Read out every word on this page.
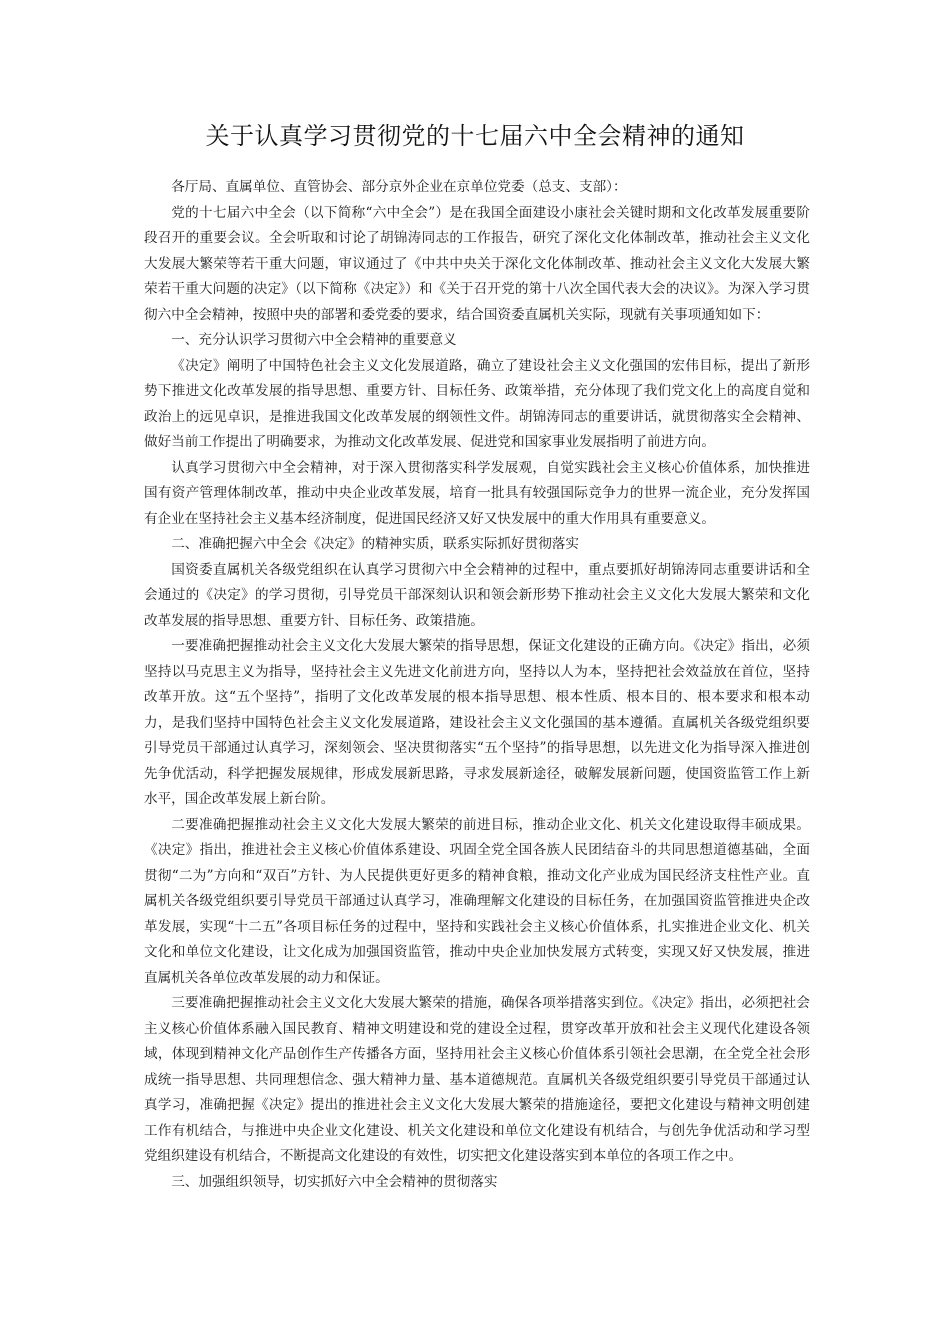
关于认真学习贯彻党的十七届六中全会精神的通知

各厅局、直属单位、直管协会、部分京外企业在京单位党委（总支、支部）：

党的十七届六中全会（以下简称“六中全会”）是在我国全面建设小康社会关键时期和文化改革发展重要阶段召开的重要会议。全会听取和讨论了胡锦涛同志的工作报告，研究了深化文化体制改革，推动社会主义文化大发展大繁荣等若干重大问题，审议通过了《中共中央关于深化文化体制改革、推动社会主义文化大发展大繁荣若干重大问题的决定》（以下简称《决定》）和《关于召开党的第十八次全国代表大会的决议》。为深入学习贯彻六中全会精神，按照中央的部署和委党委的要求，结合国资委直属机关实际，现就有关事项通知如下：

一、充分认识学习贯彻六中全会精神的重要意义

《决定》阐明了中国特色社会主义文化发展道路，确立了建设社会主义文化强国的宏伟目标，提出了新形势下推进文化改革发展的指导思想、重要方针、目标任务、政策举措，充分体现了我们党文化上的高度自觉和政治上的远见卓识，是推进我国文化改革发展的纲领性文件。胡锦涛同志的重要讲话，就贯彻落实全会精神、做好当前工作提出了明确要求，为推动文化改革发展、促进党和国家事业发展指明了前进方向。

认真学习贯彻六中全会精神，对于深入贯彻落实科学发展观，自觉实践社会主义核心价值体系，加快推进国有资产管理体制改革，推动中央企业改革发展，培育一批具有较强国际竞争力的世界一流企业，充分发挥国有企业在坚持社会主义基本经济制度，促进国民经济又好又快发展中的重大作用具有重要意义。

二、准确把握六中全会《决定》的精神实质，联系实际抓好贯彻落实

国资委直属机关各级党组织在认真学习贯彻六中全会精神的过程中，重点要抓好胡锦涛同志重要讲话和全会通过的《决定》的学习贯彻，引导党员干部深刻认识和领会新形势下推动社会主义文化大发展大繁荣和文化改革发展的指导思想、重要方针、目标任务、政策措施。

一要准确把握推动社会主义文化大发展大繁荣的指导思想，保证文化建设的正确方向。《决定》指出，必须坚持以马克思主义为指导，坚持社会主义先进文化前进方向，坚持以人为本，坚持把社会效益放在首位，坚持改革开放。这“五个坚持”，指明了文化改革发展的根本指导思想、根本性质、根本目的、根本要求和根本动力，是我们坚持中国特色社会主义文化发展道路，建设社会主义文化强国的基本遵循。直属机关各级党组织要引导党员干部通过认真学习，深刻领会、坚决贯彻落实“五个坚持”的指导思想，以先进文化为指导深入推进创先争优活动，科学把握发展规律，形成发展新思路，寻求发展新途径，破解发展新问题，使国资监管工作上新水平，国企改革发展上新台阶。

二要准确把握推动社会主义文化大发展大繁荣的前进目标，推动企业文化、机关文化建设取得丰硕成果。《决定》指出，推进社会主义核心价值体系建设、巩固全党全国各族人民团结奋斗的共同思想道德基础，全面贯彻“二为”方向和“双百”方针、为人民提供更好更多的精神食粮，推动文化产业成为国民经济支柱性产业。直属机关各级党组织要引导党员干部通过认真学习，准确理解文化建设的目标任务，在加强国资监管推进央企改革发展，实现“十二五”各项目标任务的过程中，坚持和实践社会主义核心价值体系，扎实推进企业文化、机关文化和单位文化建设，让文化成为加强国资监管，推动中央企业加快发展方式转变，实现又好又快发展，推进直属机关各单位改革发展的动力和保证。

三要准确把握推动社会主义文化大发展大繁荣的措施，确保各项举措落实到位。《决定》指出，必须把社会主义核心价值体系融入国民教育、精神文明建设和党的建设全过程，贯穿改革开放和社会主义现代化建设各领域，体现到精神文化产品创作生产传播各方面，坚持用社会主义核心价值体系引领社会思潮，在全党全社会形成统一指导思想、共同理想信念、强大精神力量、基本道德规范。直属机关各级党组织要引导党员干部通过认真学习，准确把握《决定》提出的推进社会主义文化大发展大繁荣的措施途径，要把文化建设与精神文明创建工作有机结合，与推进中央企业文化建设、机关文化建设和单位文化建设有机结合，与创先争优活动和学习型党组织建设有机结合，不断提高文化建设的有效性，切实把文化建设落实到本单位的各项工作之中。

三、加强组织领导，切实抓好六中全会精神的贯彻落实
